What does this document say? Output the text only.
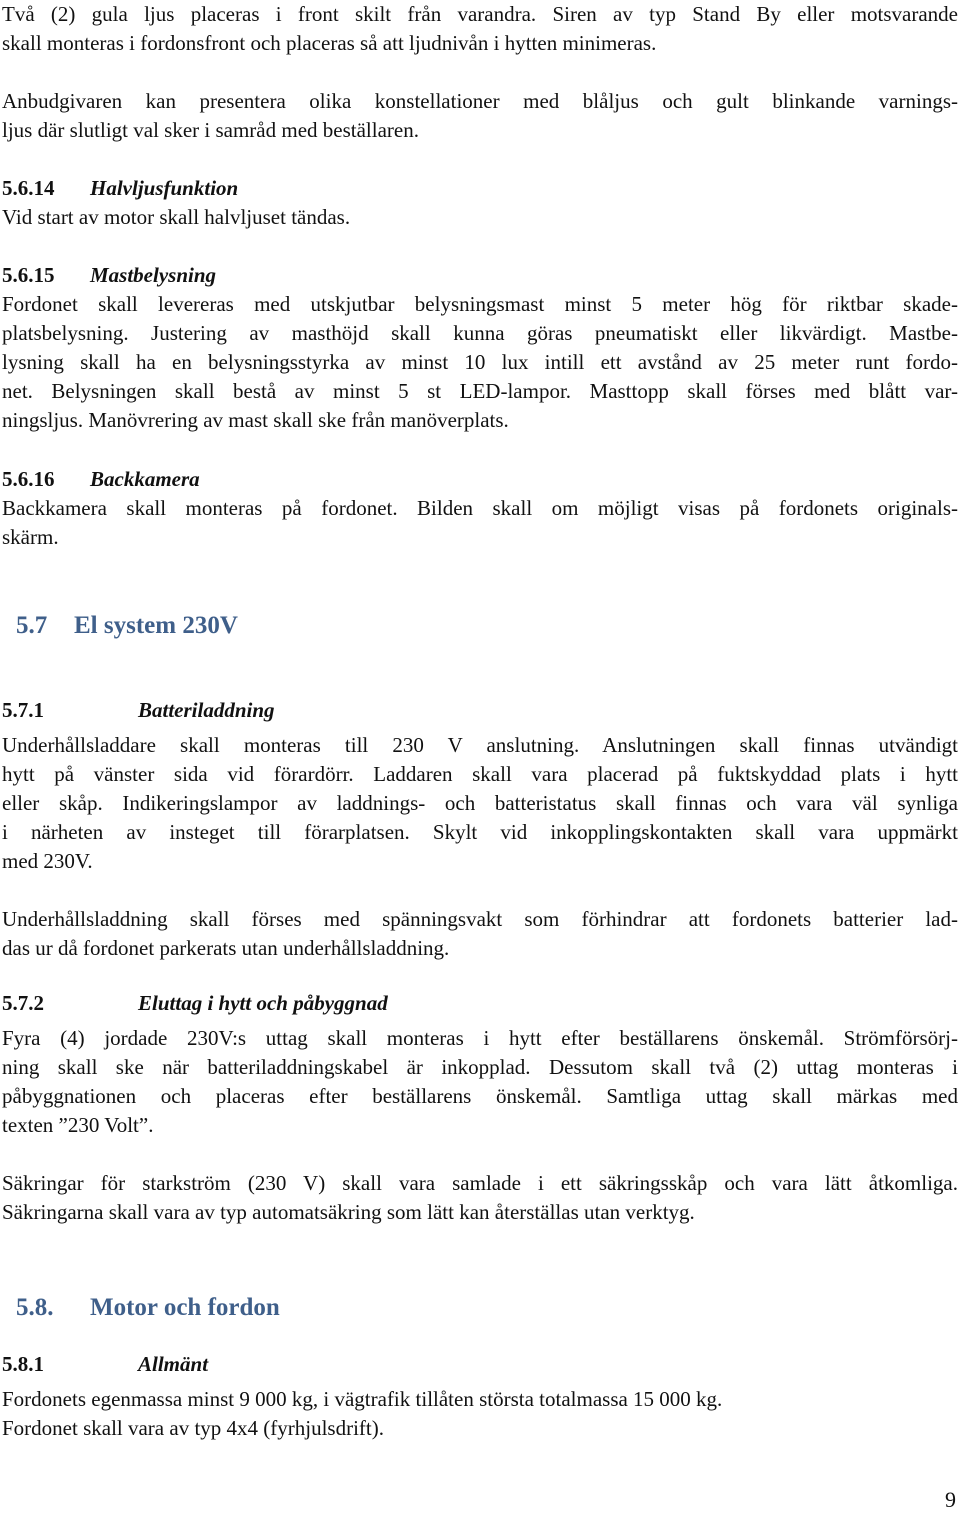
Två (2) gula ljus placeras i front skilt från varandra. Siren av typ Stand By eller motsvarande
skall monteras i fordonsfront och placeras så att ljudnivån i hytten minimeras.
Anbudgivaren kan presentera olika konstellationer med blåljus och gult blinkande varnings-
ljus där slutligt val sker i samråd med beställaren.
5.6.14 Halvljusfunktion
Vid start av motor skall halvljuset tändas.
5.6.15 Mastbelysning
Fordonet skall levereras med utskjutbar belysningsmast minst 5 meter hög för riktbar skade-
platsbelysning. Justering av masthöjd skall kunna göras pneumatiskt eller likvärdigt. Mastbe-
lysning skall ha en belysningsstyrka av minst 10 lux intill ett avstånd av 25 meter runt fordo-
net. Belysningen skall bestå av minst 5 st LED-lampor. Masttopp skall förses med blått var-
ningsljus. Manövrering av mast skall ske från manöverplats.
5.6.16 Backkamera
Backkamera skall monteras på fordonet. Bilden skall om möjligt visas på fordonets originals-
skärm.
5.7 El system 230V
5.7.1	Batteriladdning
Underhållsladdare skall monteras till 230 V anslutning. Anslutningen skall finnas utvändigt
hytt på vänster sida vid förardörr. Laddaren skall vara placerad på fuktskyddad plats i hytt
eller skåp. Indikeringslampor av laddnings- och batteristatus skall finnas och vara väl synliga
i närheten av insteget till förarplatsen. Skylt vid inkopplingskontakten skall vara uppmärkt
med 230V.
Underhållsladdning skall förses med spänningsvakt som förhindrar att fordonets batterier lad-
das ur då fordonet parkerats utan underhållsladdning.
5.7.2	Eluttag i hytt och påbyggnad
Fyra (4) jordade 230V:s uttag skall monteras i hytt efter beställarens önskemål. Strömförsörj-
ning skall ske när batteriladdningskabel är inkopplad. Dessutom skall två (2) uttag monteras i
påbyggnationen och placeras efter beställarens önskemål. Samtliga uttag skall märkas med
texten ”230 Volt”.
Säkringar för starkström (230 V) skall vara samlade i ett säkringsskåp och vara lätt åtkomliga.
Säkringarna skall vara av typ automatsäkring som lätt kan återställas utan verktyg.
5.8. Motor och fordon
5.8.1	Allmänt
Fordonets egenmassa minst 9 000 kg, i vägtrafik tillåten största totalmassa 15 000 kg.
Fordonet skall vara av typ 4x4 (fyrhjulsdrift).
9
